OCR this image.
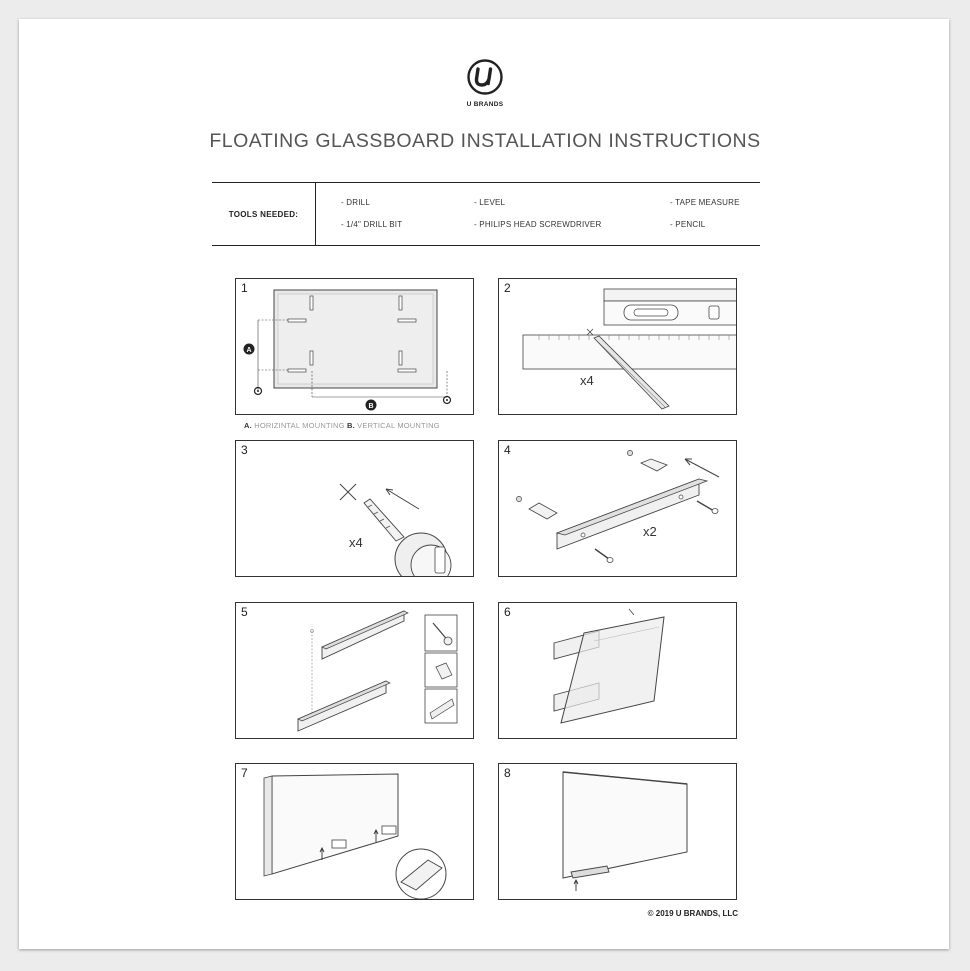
U BRANDS
FLOATING GLASSBOARD INSTALLATION INSTRUCTIONS
TOOLS NEEDED:
- DRILL
- 1/4" DRILL BIT
- LEVEL
- PHILIPS HEAD SCREWDRIVER
- TAPE MEASURE
- PENCIL
A
B
1
x4
2
A. HORIZINTAL MOUNTING B. VERTICAL MOUNTING
x4
3
x2
4
5	6
7	8
© 2019 U BRANDS, LLC
